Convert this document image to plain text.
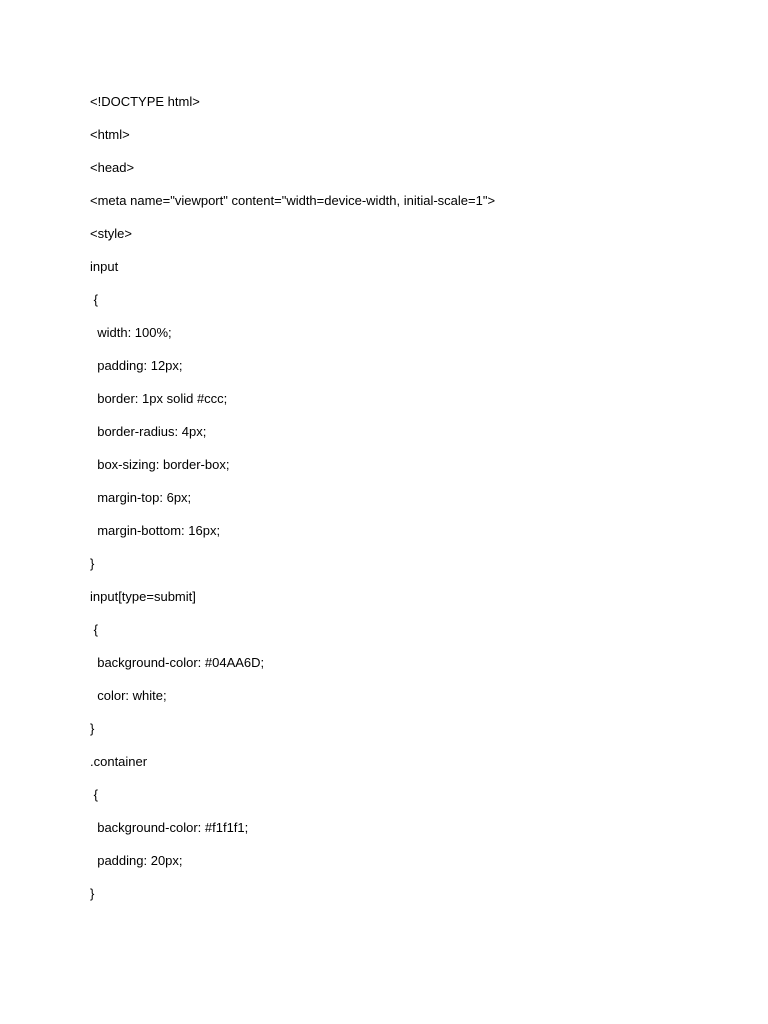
<!DOCTYPE html>
<html>
<head>
<meta name="viewport" content="width=device-width, initial-scale=1">
<style>
input
{
width: 100%;
padding: 12px;
border: 1px solid #ccc;
border-radius: 4px;
box-sizing: border-box;
margin-top: 6px;
margin-bottom: 16px;
}
input[type=submit]
{
background-color: #04AA6D;
color: white;
}
.container
{
background-color: #f1f1f1;
padding: 20px;
}
